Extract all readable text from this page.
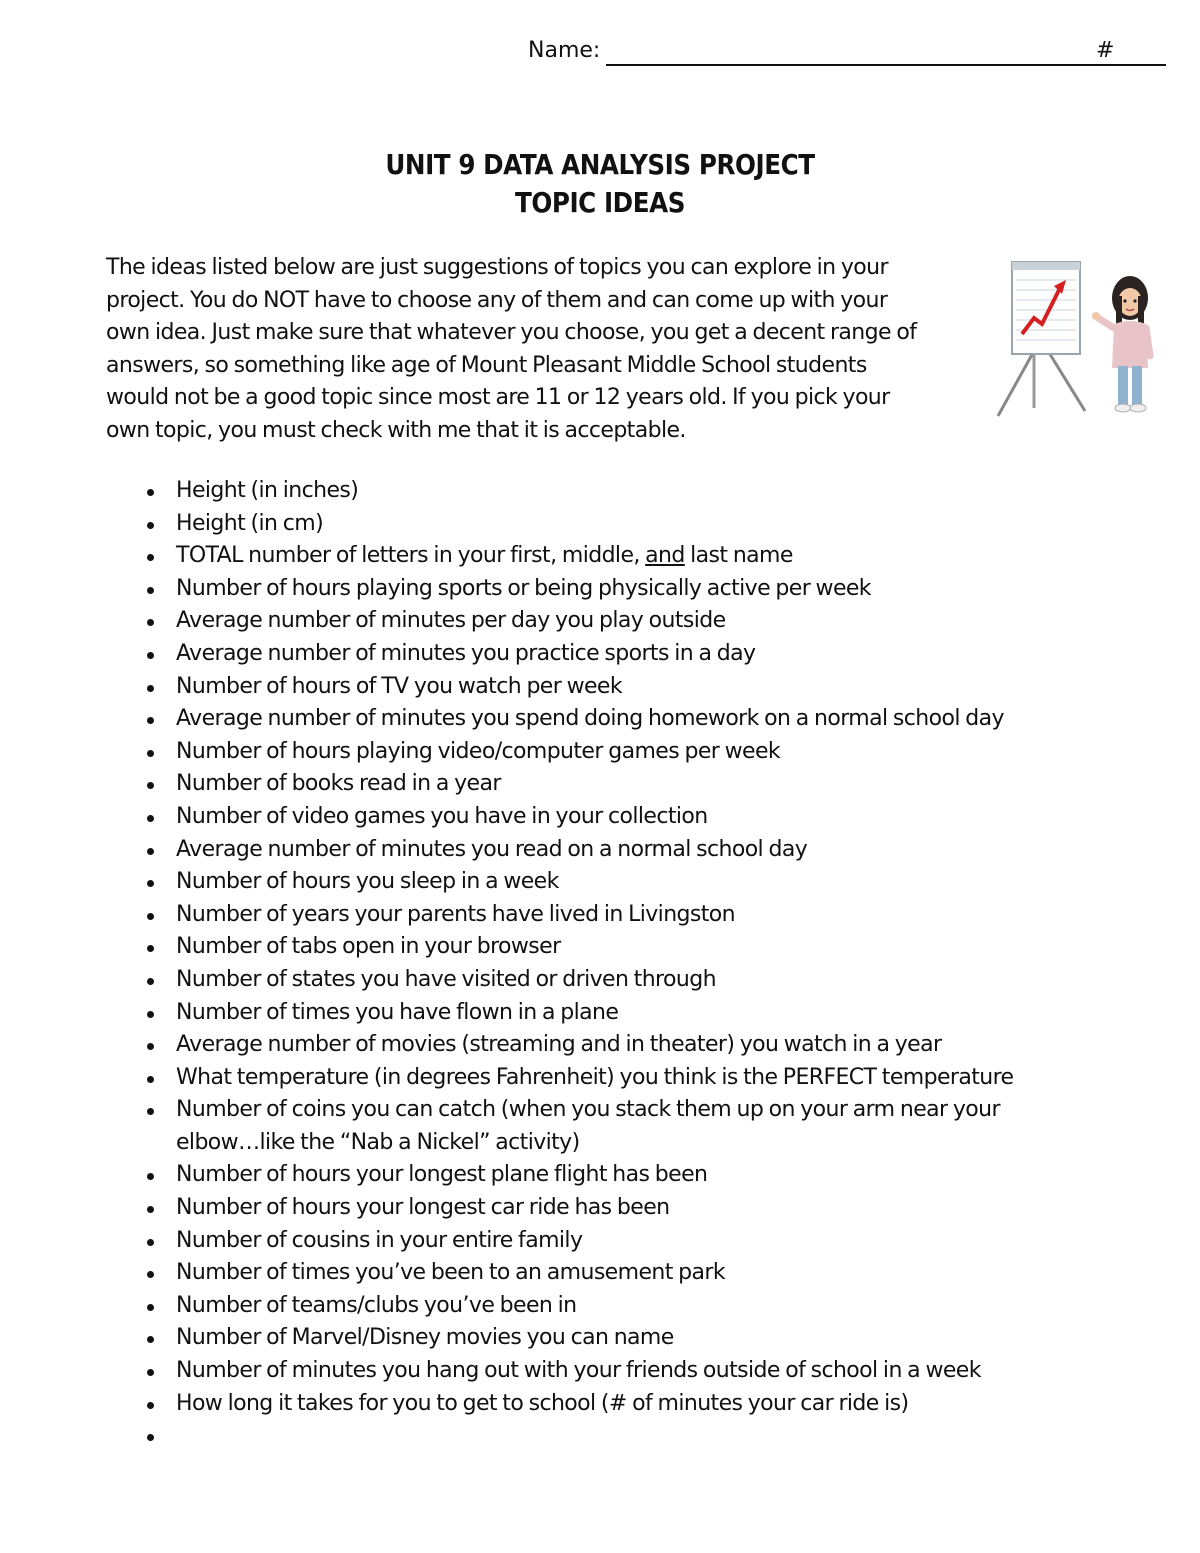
Name:	#
UNIT 9 DATA ANALYSIS PROJECT
TOPIC IDEAS
The ideas listed below are just suggestions of topics you can explore in your
project. You do NOT have to choose any of them and can come up with your
own idea. Just make sure that whatever you choose, you get a decent range of
answers, so something like age of Mount Pleasant Middle School students
would not be a good topic since most are 11 or 12 years old. If you pick your
own topic, you must check with me that it is acceptable.
Height (in inches)
Height (in cm)
TOTAL number of letters in your first, middle, and last name
Number of hours playing sports or being physically active per week
Average number of minutes per day you play outside
Average number of minutes you practice sports in a day
Number of hours of TV you watch per week
Average number of minutes you spend doing homework on a normal school day
Number of hours playing video/computer games per week
Number of books read in a year
Number of video games you have in your collection
Average number of minutes you read on a normal school day
Number of hours you sleep in a week
Number of years your parents have lived in Livingston
Number of tabs open in your browser
Number of states you have visited or driven through
Number of times you have flown in a plane
Average number of movies (streaming and in theater) you watch in a year
What temperature (in degrees Fahrenheit) you think is the PERFECT temperature
Number of coins you can catch (when you stack them up on your arm near your
elbow…like the “Nab a Nickel” activity)
Number of hours your longest plane flight has been
Number of hours your longest car ride has been
Number of cousins in your entire family
Number of times you’ve been to an amusement park
Number of teams/clubs you’ve been in
Number of Marvel/Disney movies you can name
Number of minutes you hang out with your friends outside of school in a week
How long it takes for you to get to school (# of minutes your car ride is)
